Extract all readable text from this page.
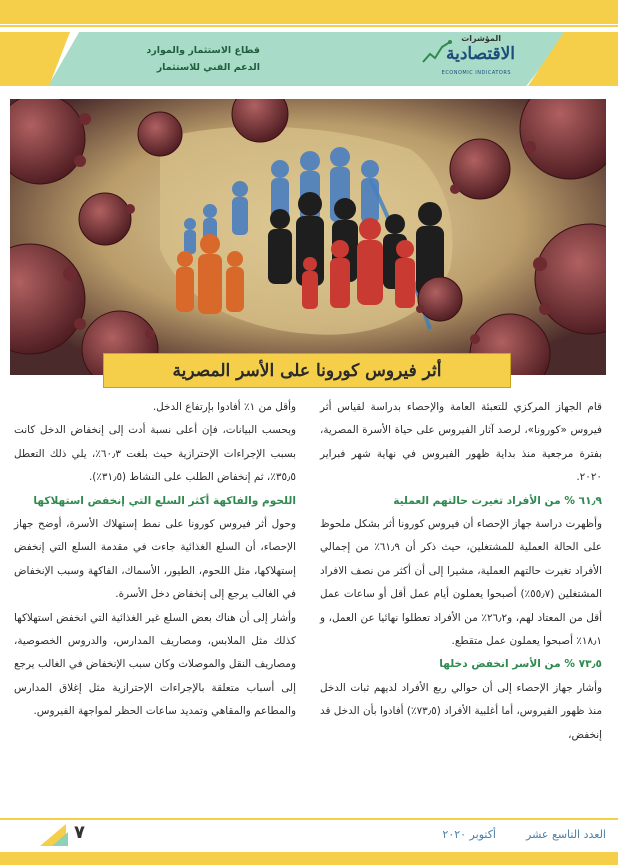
قطاع الاستثمار والموارد
الدعم الفني للاستثمار
المؤشرات
الاقتصادية
ECONOMIC INDICATORS
أثر فيروس كورونا على الأسر المصرية

قام الجهاز المركزي للتعبئة العامة والإحصاء بدراسة لقياس أثر فيروس «كورونا»، لرصد آثار الفيروس على حياة الأسرة المصرية، بفترة مرجعية منذ بداية ظهور الفيروس في نهاية شهر فبراير ٢٠٢٠.

٦١٫٩ % من الأفراد تغيرت حالتهم العملية

وأظهرت دراسة جهاز الإحصاء أن فيروس كورونا أثر بشكل ملحوظ على الحالة العملية للمشتغلين، حيث ذكر أن ٦١٫٩٪ من إجمالي الأفراد تغيرت حالتهم العملية، مشيرا إلى أن أكثر من نصف الافراد المشتغلين (٥٥٫٧٪) أصبحوا يعملون أيام عمل أقل أو ساعات عمل أقل من المعتاد لهم، و٢٦٫٢٪ من الأفراد تعطلوا نهائيا عن العمل، و ١٨٫١٪ أصبحوا يعملون عمل متقطع.

٧٣٫٥ % من الأسر انخفض دخلها

وأشار جهاز الإحصاء إلى أن حوالي ربع الأفراد لديهم ثبات الدخل منذ ظهور الفيروس، أما أغلبية الأفراد (٧٣٫٥٪) أفادوا بأن الدخل قد إنخفض،

وأقل من ١٪ أفادوا بإرتفاع الدخل.

وبحسب البيانات، فإن أعلى نسبة أدت إلى إنخفاض الدخل كانت بسبب الإجراءات الإحترازية حيث بلغت ٦٠٫٣٪، يلي ذلك التعطل ٣٥٫٥٪، ثم إنخفاض الطلب على النشاط (٣١٫٥٪).

اللحوم والفاكهة أكثر السلع التي إنخفض استهلاكها

وحول أثر فيروس كورونا على نمط إستهلاك الأسرة، أوضح جهاز الإحصاء، أن السلع الغذائية جاءت في مقدمة السلع التي إنخفض إستهلاكها، مثل اللحوم، الطيور، الأسماك، الفاكهة وسبب الإنخفاض في الغالب يرجع إلى إنخفاض دخل الأسرة.

وأشار إلى أن هناك بعض السلع غير الغذائية التي انخفض استهلاكها كذلك مثل الملابس، ومصاريف المدارس، والدروس الخصوصية، ومصاريف النقل والموصلات وكان سبب الإنخفاض في الغالب يرجع إلى أسباب متعلقة بالإجراءات الإحترازية مثل إغلاق المدارس والمطاعم والمقاهي وتمديد ساعات الحظر لمواجهة الفيروس.

العدد التاسع عشر
أكتوبر ٢٠٢٠
٧
